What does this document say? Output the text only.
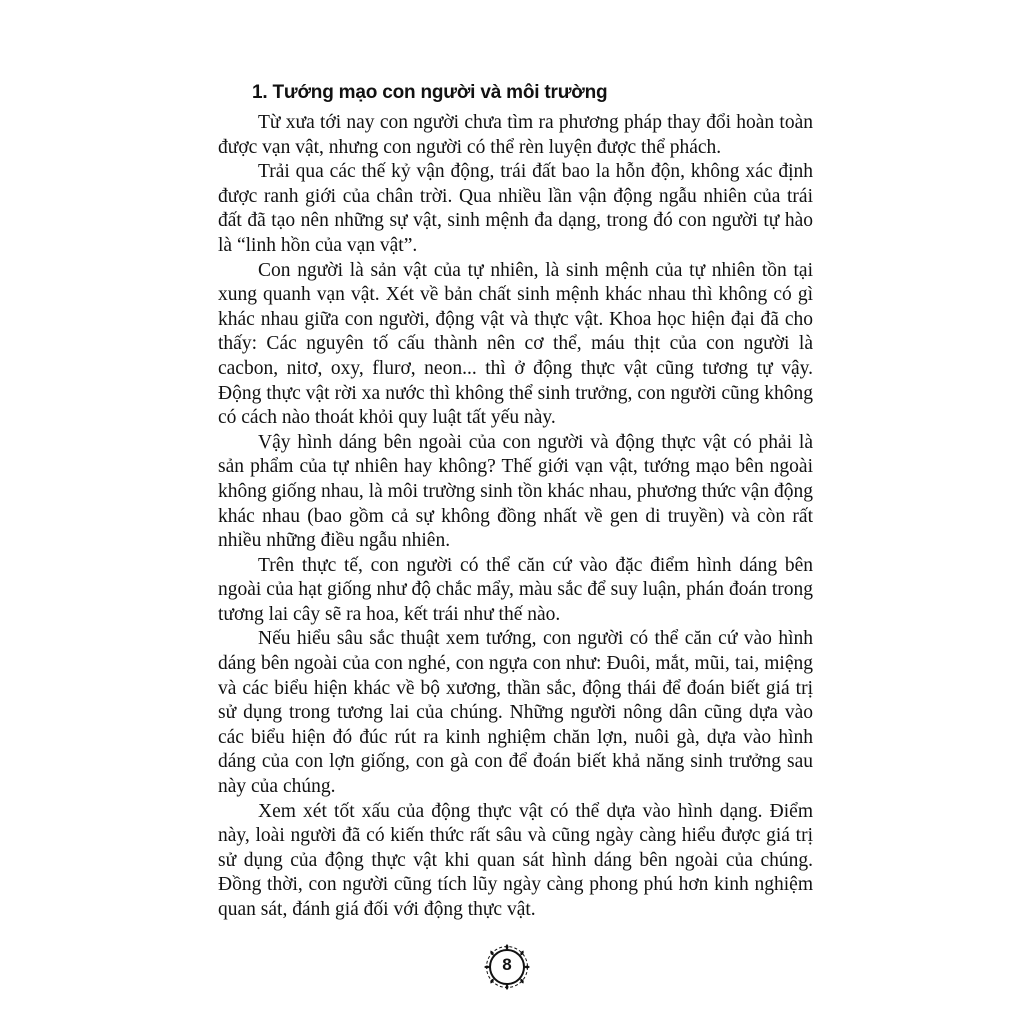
1. Tướng mạo con người và môi trường

Từ xưa tới nay con người chưa tìm ra phương pháp thay đổi hoàn toàn được vạn vật, nhưng con người có thể rèn luyện được thể phách.

Trải qua các thế kỷ vận động, trái đất bao la hỗn độn, không xác định được ranh giới của chân trời. Qua nhiều lần vận động ngẫu nhiên của trái đất đã tạo nên những sự vật, sinh mệnh đa dạng, trong đó con người tự hào là “linh hồn của vạn vật”.

Con người là sản vật của tự nhiên, là sinh mệnh của tự nhiên tồn tại xung quanh vạn vật. Xét về bản chất sinh mệnh khác nhau thì không có gì khác nhau giữa con người, động vật và thực vật. Khoa học hiện đại đã cho thấy: Các nguyên tố cấu thành nên cơ thể, máu thịt của con người là cacbon, nitơ, oxy, flurơ, neon... thì ở động thực vật cũng tương tự vậy. Động thực vật rời xa nước thì không thể sinh trưởng, con người cũng không có cách nào thoát khỏi quy luật tất yếu này.

Vậy hình dáng bên ngoài của con người và động thực vật có phải là sản phẩm của tự nhiên hay không? Thế giới vạn vật, tướng mạo bên ngoài không giống nhau, là môi trường sinh tồn khác nhau, phương thức vận động khác nhau (bao gồm cả sự không đồng nhất về gen di truyền) và còn rất nhiều những điều ngẫu nhiên.

Trên thực tế, con người có thể căn cứ vào đặc điểm hình dáng bên ngoài của hạt giống như độ chắc mẩy, màu sắc để suy luận, phán đoán trong tương lai cây sẽ ra hoa, kết trái như thế nào.

Nếu hiểu sâu sắc thuật xem tướng, con người có thể căn cứ vào hình dáng bên ngoài của con nghé, con ngựa con như: Đuôi, mắt, mũi, tai, miệng và các biểu hiện khác về bộ xương, thần sắc, động thái để đoán biết giá trị sử dụng trong tương lai của chúng. Những người nông dân cũng dựa vào các biểu hiện đó đúc rút ra kinh nghiệm chăn lợn, nuôi gà, dựa vào hình dáng của con lợn giống, con gà con để đoán biết khả năng sinh trưởng sau này của chúng.

Xem xét tốt xấu của động thực vật có thể dựa vào hình dạng. Điểm này, loài người đã có kiến thức rất sâu và cũng ngày càng hiểu được giá trị sử dụng của động thực vật khi quan sát hình dáng bên ngoài của chúng. Đồng thời, con người cũng tích lũy ngày càng phong phú hơn kinh nghiệm quan sát, đánh giá đối với động thực vật.

8
